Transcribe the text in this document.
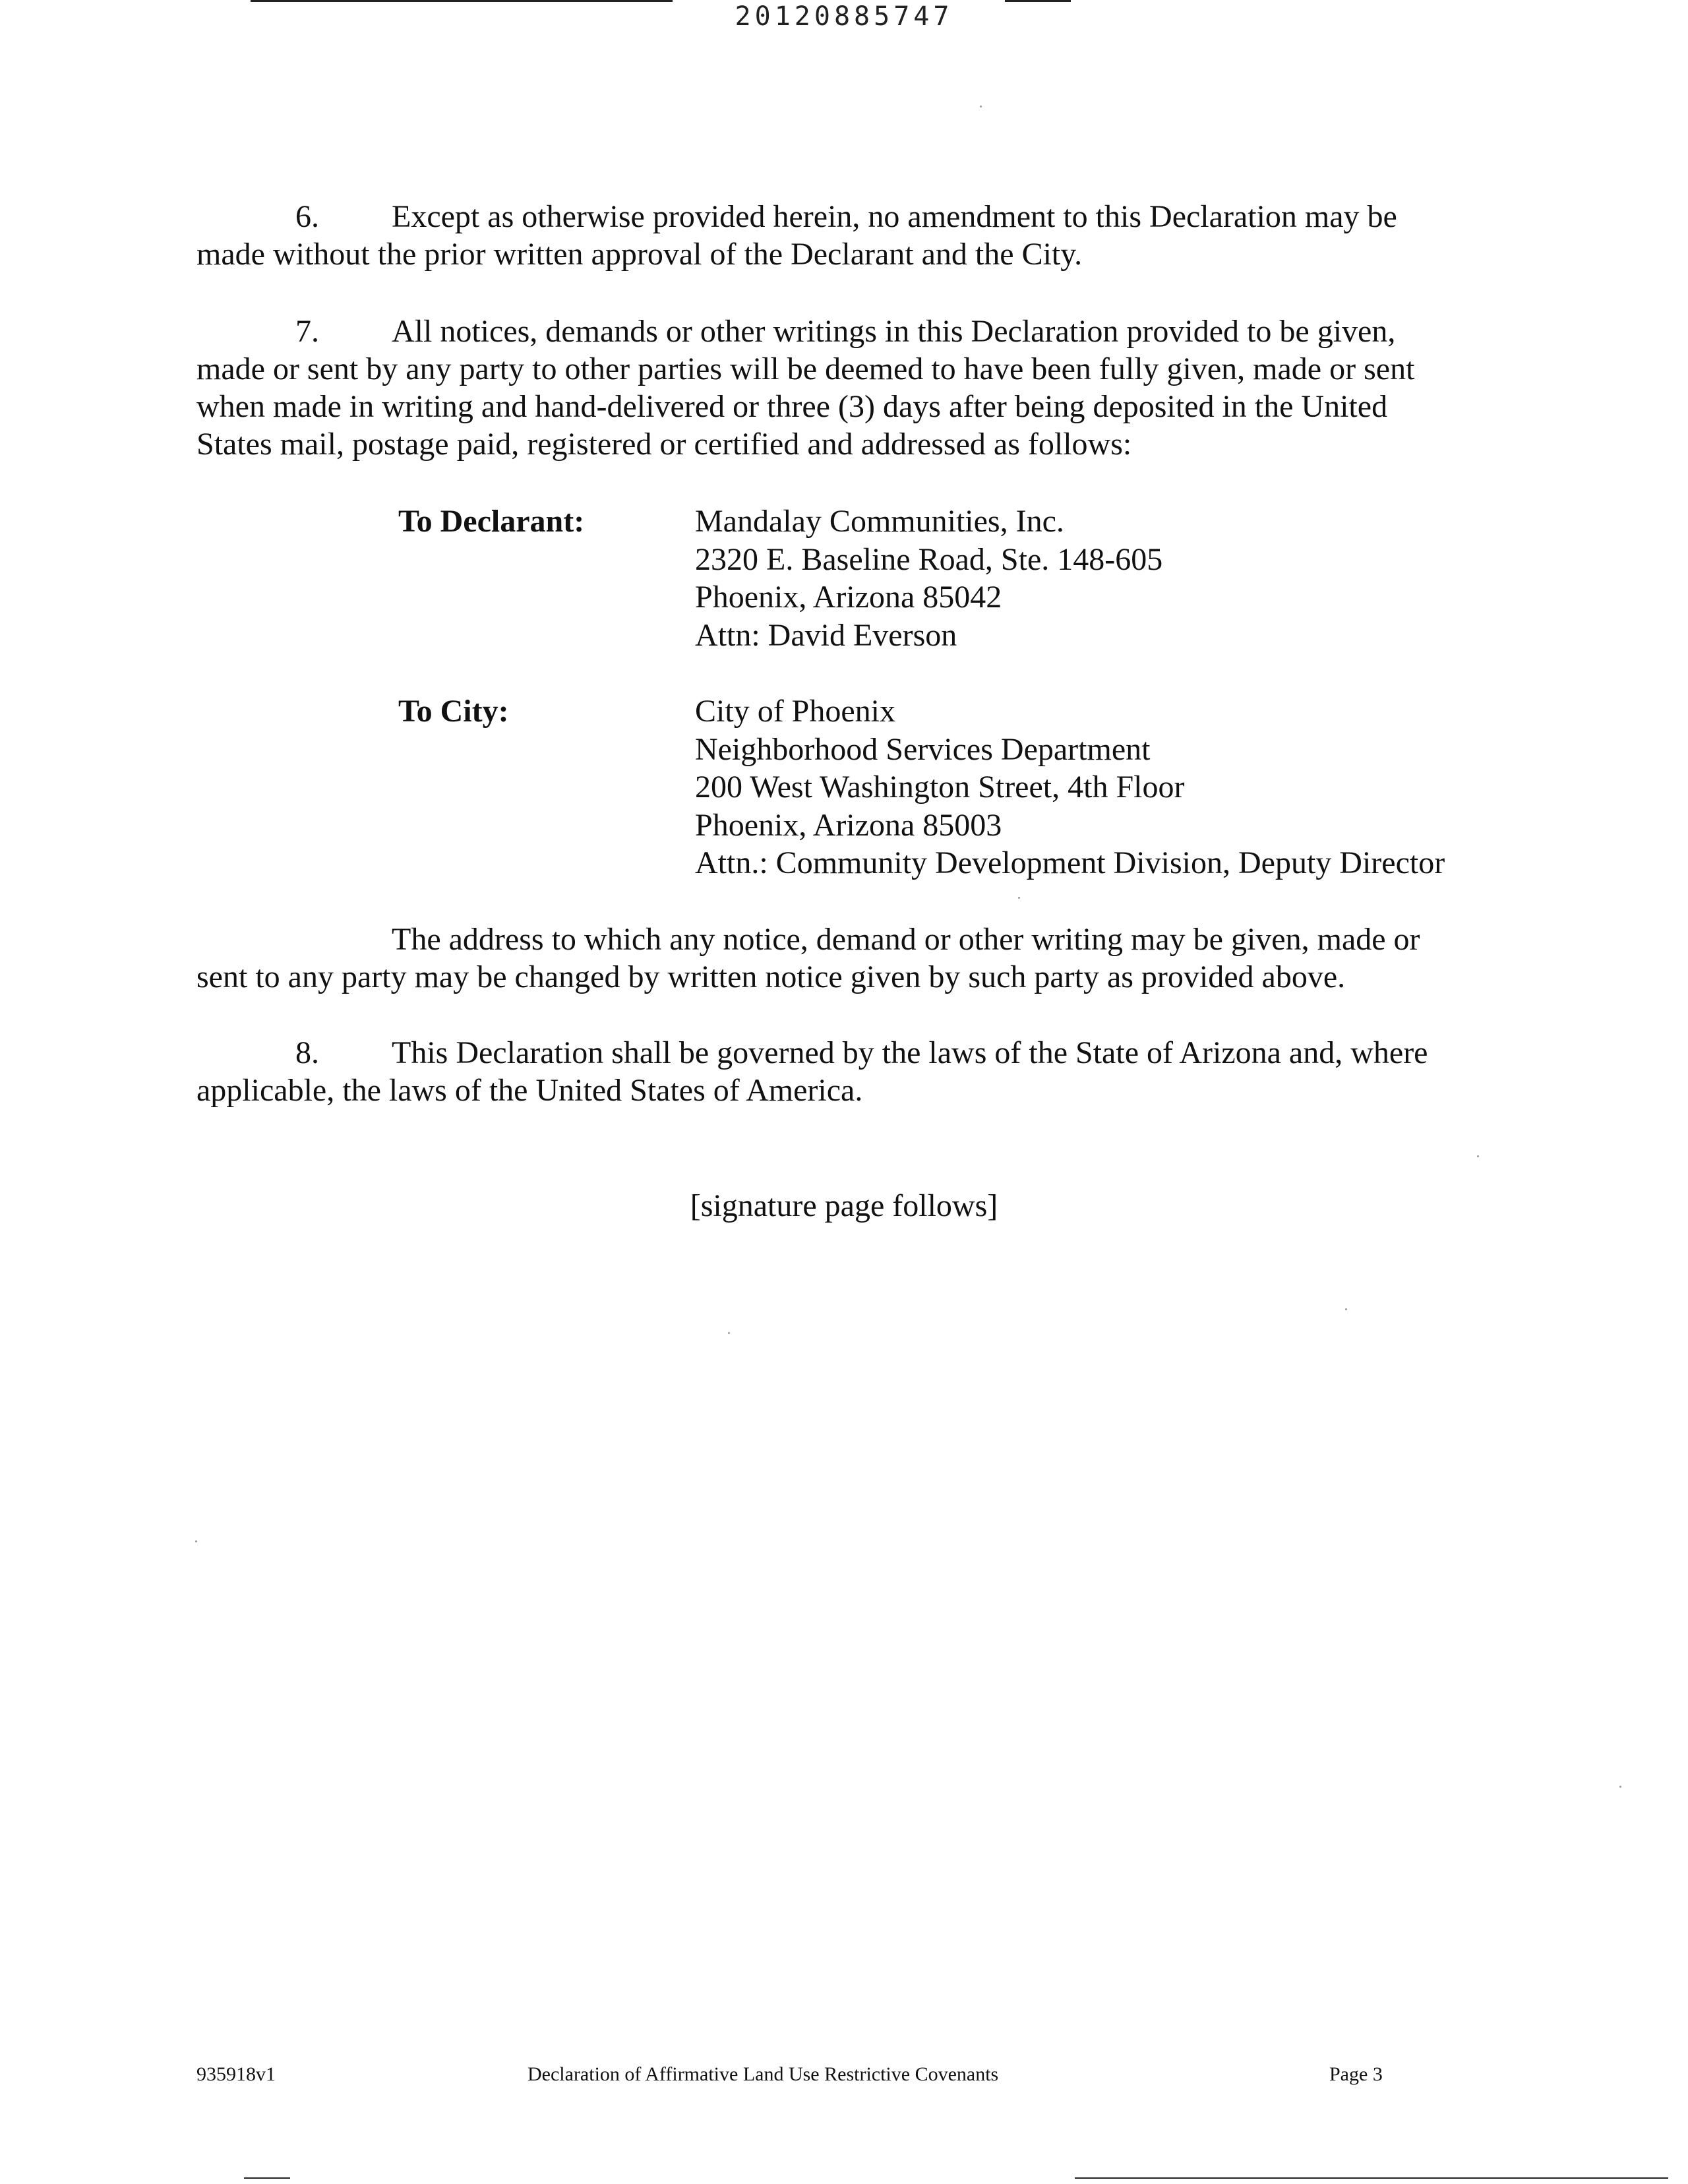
20120885747
6. Except as otherwise provided herein, no amendment to this Declaration may be
made without the prior written approval of the Declarant and the City.
7. All notices, demands or other writings in this Declaration provided to be given,
made or sent by any party to other parties will be deemed to have been fully given, made or sent
when made in writing and hand-delivered or three (3) days after being deposited in the United
States mail, postage paid, registered or certified and addressed as follows:
To Declarant:	Mandalay Communities, Inc.
2320 E. Baseline Road, Ste. 148-605
Phoenix, Arizona 85042
Attn: David Everson
To City:	City of Phoenix
Neighborhood Services Department
200 West Washington Street, 4th Floor
Phoenix, Arizona 85003
Attn.: Community Development Division, Deputy Director
The address to which any notice, demand or other writing may be given, made or
sent to any party may be changed by written notice given by such party as provided above.
8. This Declaration shall be governed by the laws of the State of Arizona and, where
applicable, the laws of the United States of America.
[signature page follows]
935918v1	Declaration of Affirmative Land Use Restrictive Covenants	Page 3
